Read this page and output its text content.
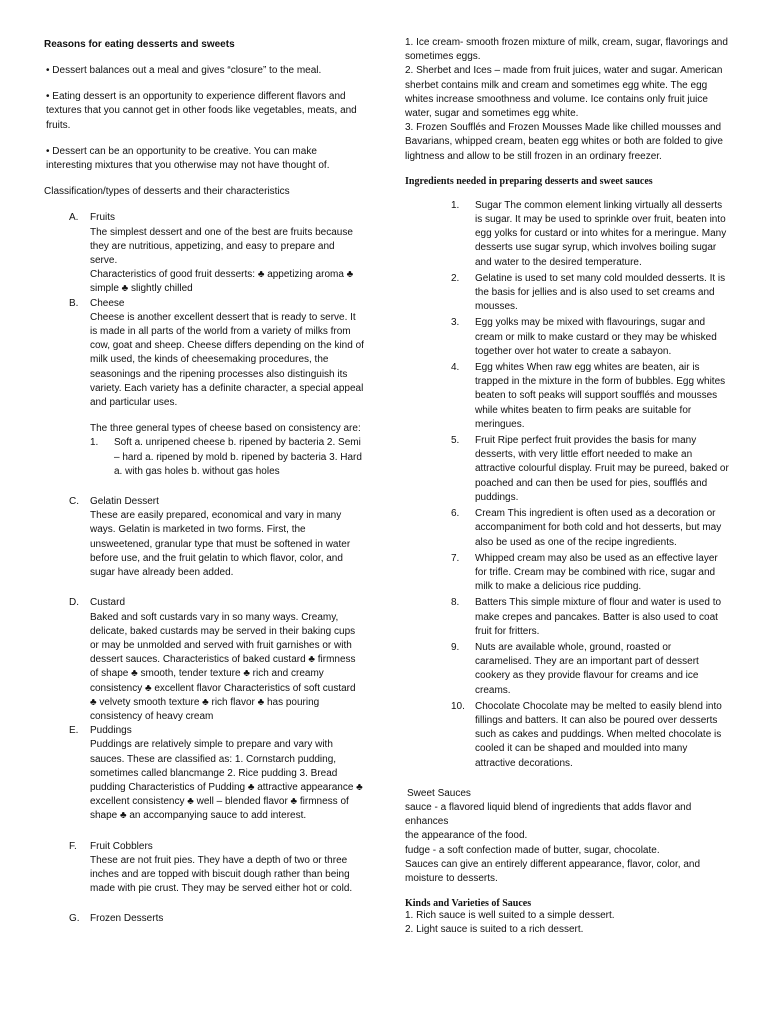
Reasons for eating desserts and sweets

• Dessert balances out a meal and gives “closure” to the meal.

• Eating dessert is an opportunity to experience different flavors and textures that you cannot get in other foods like vegetables, meats, and fruits.

• Dessert can be an opportunity to be creative. You can make interesting mixtures that you otherwise may not have thought of.

Classification/types of desserts and their characteristics

A. Fruits

The simplest dessert and one of the best are fruits because they are nutritious, appetizing, and easy to prepare and serve.

Characteristics of good fruit desserts: ♣ appetizing aroma ♣ simple ♣ slightly chilled

B. Cheese

Cheese is another excellent dessert that is ready to serve. It is made in all parts of the world from a variety of milks from cow, goat and sheep. Cheese differs depending on the kind of milk used, the kinds of cheesemaking procedures, the seasonings and the ripening processes also distinguish its variety. Each variety has a definite character, a special appeal and particular uses.

The three general types of cheese based on consistency are:

1. Soft a. unripened cheese b. ripened by bacteria 2. Semi – hard a. ripened by mold b. ripened by bacteria 3. Hard a. with gas holes b. without gas holes

C. Gelatin Dessert

These are easily prepared, economical and vary in many ways. Gelatin is marketed in two forms. First, the unsweetened, granular type that must be softened in water before use, and the fruit gelatin to which flavor, color, and sugar have already been added.

D. Custard

Baked and soft custards vary in so many ways. Creamy, delicate, baked custards may be served in their baking cups or may be unmolded and served with fruit garnishes or with dessert sauces. Characteristics of baked custard ♣ firmness of shape ♣ smooth, tender texture ♣ rich and creamy consistency ♣ excellent flavor Characteristics of soft custard ♣ velvety smooth texture ♣ rich flavor ♣ has pouring consistency of heavy cream

E. Puddings

Puddings are relatively simple to prepare and vary with sauces. These are classified as: 1. Cornstarch pudding, sometimes called blancmange 2. Rice pudding 3. Bread pudding Characteristics of Pudding ♣ attractive appearance ♣ excellent consistency ♣ well – blended flavor ♣ firmness of shape ♣ an accompanying sauce to add interest.

F. Fruit Cobblers

These are not fruit pies. They have a depth of two or three inches and are topped with biscuit dough rather than being made with pie crust. They may be served either hot or cold.

G. Frozen Desserts

1. Ice cream- smooth frozen mixture of milk, cream, sugar, flavorings and sometimes eggs.

2. Sherbet and Ices – made from fruit juices, water and sugar. American sherbet contains milk and cream and sometimes egg white. The egg whites increase smoothness and volume. Ice contains only fruit juice water, sugar and sometimes egg white.

3. Frozen Soufflés and Frozen Mousses Made like chilled mousses and Bavarians, whipped cream, beaten egg whites or both are folded to give lightness and allow to be still frozen in an ordinary freezer.

Ingredients needed in preparing desserts and sweet sauces
1. Sugar The common element linking virtually all desserts is sugar. It may be used to sprinkle over fruit, beaten into egg yolks for custard or into whites for a meringue. Many desserts use sugar syrup, which involves boiling sugar and water to the desired temperature.

2. Gelatine is used to set many cold moulded desserts. It is the basis for jellies and is also used to set creams and mousses.

3. Egg yolks may be mixed with flavourings, sugar and cream or milk to make custard or they may be whisked together over hot water to create a sabayon.

4. Egg whites When raw egg whites are beaten, air is trapped in the mixture in the form of bubbles. Egg whites beaten to soft peaks will support soufflés and mousses while whites beaten to firm peaks are suitable for meringues.

5. Fruit Ripe perfect fruit provides the basis for many desserts, with very little effort needed to make an attractive colourful display. Fruit may be pureed, baked or poached and can then be used for pies, soufflés and puddings.

6. Cream This ingredient is often used as a decoration or accompaniment for both cold and hot desserts, but may also be used as one of the recipe ingredients.

7. Whipped cream may also be used as an effective layer for trifle. Cream may be combined with rice, sugar and milk to make a delicious rice pudding.

8. Batters This simple mixture of flour and water is used to make crepes and pancakes. Batter is also used to coat fruit for fritters.

9. Nuts are available whole, ground, roasted or caramelised. They are an important part of dessert cookery as they provide flavour for creams and ice creams.

10. Chocolate Chocolate may be melted to easily blend into fillings and batters. It can also be poured over desserts such as cakes and puddings. When melted chocolate is cooled it can be shaped and moulded into many attractive decorations.

Sweet Sauces

sauce - a flavored liquid blend of ingredients that adds flavor and enhances

the appearance of the food.

fudge - a soft confection made of butter, sugar, chocolate.

Sauces can give an entirely different appearance, flavor, color, and moisture to desserts.

Kinds and Varieties of Sauces

1. Rich sauce is well suited to a simple dessert.

2. Light sauce is suited to a rich dessert.
